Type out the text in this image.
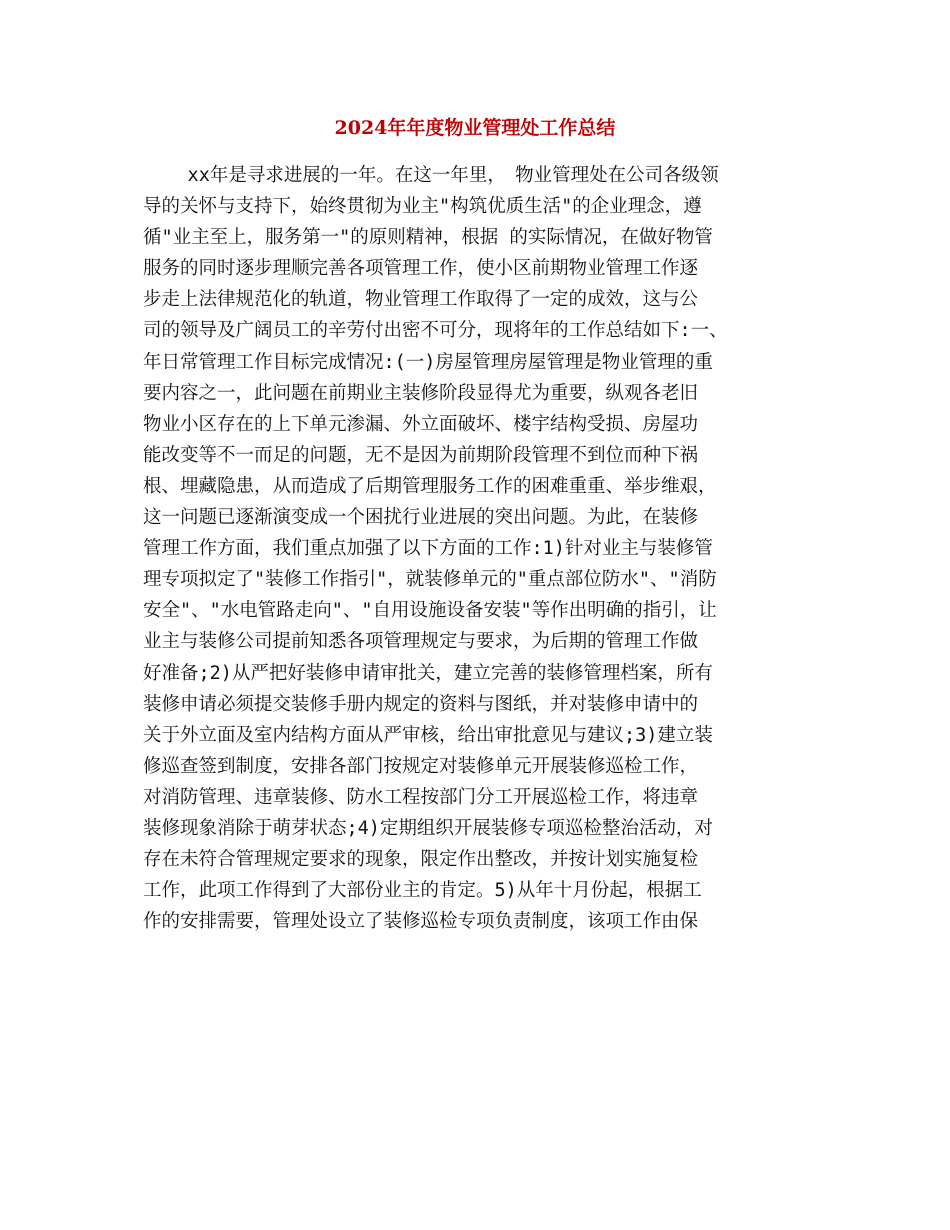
2024年年度物业管理处工作总结
xx年是寻求进展的一年。在这一年里，　物业管理处在公司各级领
导的关怀与支持下，始终贯彻为业主"构筑优质生活"的企业理念，遵
循"业主至上，服务第一"的原则精神，根据 的实际情况，在做好物管
服务的同时逐步理顺完善各项管理工作，使小区前期物业管理工作逐
步走上法律规范化的轨道，物业管理工作取得了一定的成效，这与公
司的领导及广阔员工的辛劳付出密不可分，现将年的工作总结如下:一、
年日常管理工作目标完成情况:(一)房屋管理房屋管理是物业管理的重
要内容之一，此问题在前期业主装修阶段显得尤为重要，纵观各老旧
物业小区存在的上下单元渗漏、外立面破坏、楼宇结构受损、房屋功
能改变等不一而足的问题，无不是因为前期阶段管理不到位而种下祸
根、埋藏隐患，从而造成了后期管理服务工作的困难重重、举步维艰，
这一问题已逐渐演变成一个困扰行业进展的突出问题。为此，在装修
管理工作方面，我们重点加强了以下方面的工作:1)针对业主与装修管
理专项拟定了"装修工作指引"，就装修单元的"重点部位防水"、"消防
安全"、"水电管路走向"、"自用设施设备安装"等作出明确的指引，让
业主与装修公司提前知悉各项管理规定与要求，为后期的管理工作做
好准备;2)从严把好装修申请审批关，建立完善的装修管理档案，所有
装修申请必须提交装修手册内规定的资料与图纸，并对装修申请中的
关于外立面及室内结构方面从严审核，给出审批意见与建议;3)建立装
修巡查签到制度，安排各部门按规定对装修单元开展装修巡检工作，
对消防管理、违章装修、防水工程按部门分工开展巡检工作，将违章
装修现象消除于萌芽状态;4)定期组织开展装修专项巡检整治活动，对
存在未符合管理规定要求的现象，限定作出整改，并按计划实施复检
工作，此项工作得到了大部份业主的肯定。5)从年十月份起，根据工
作的安排需要，管理处设立了装修巡检专项负责制度，该项工作由保
